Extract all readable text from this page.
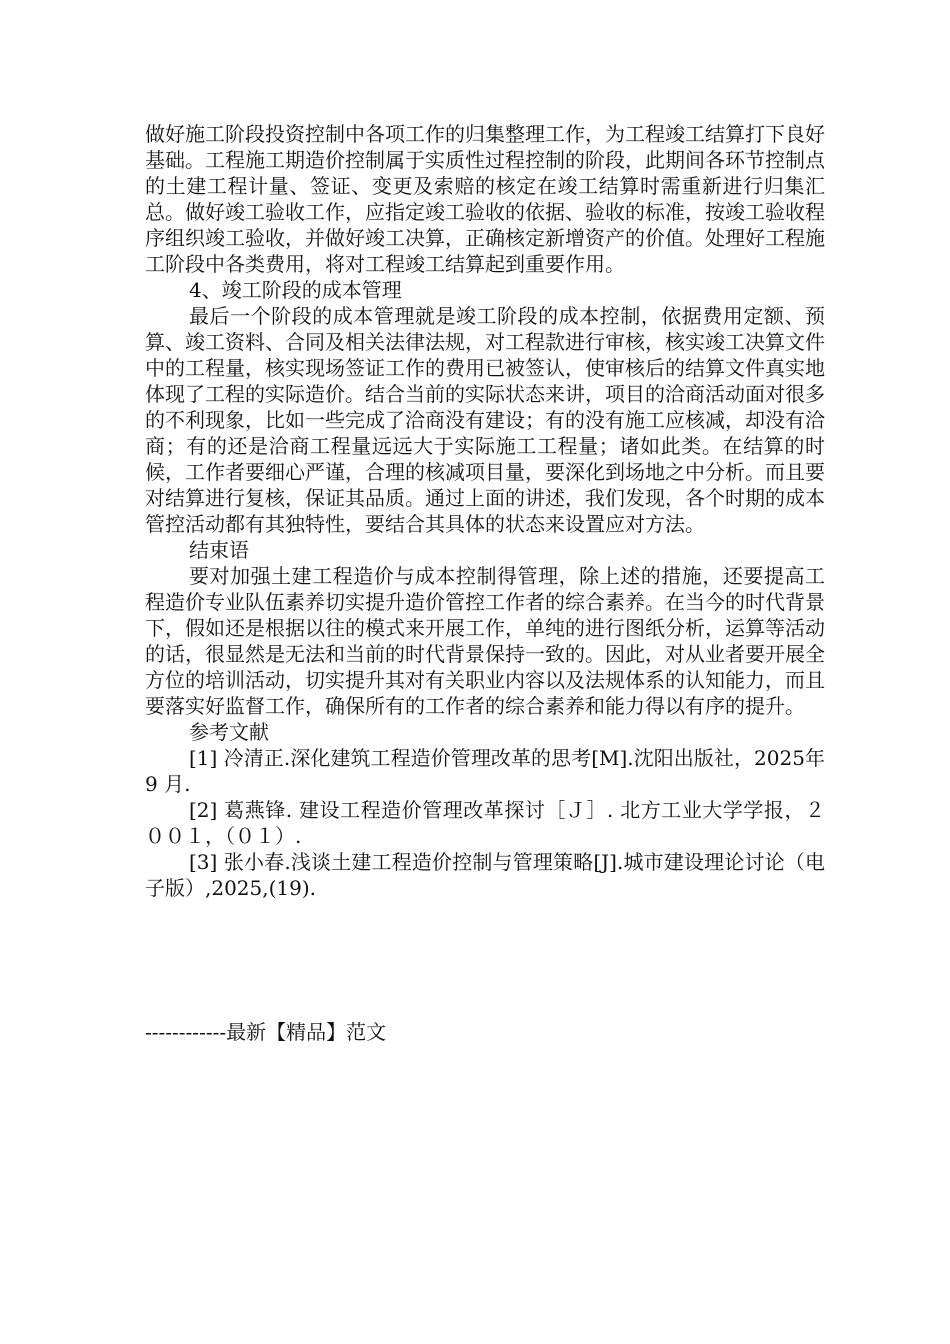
做好施工阶段投资控制中各项工作的归集整理工作，为工程竣工结算打下良好基础。工程施工期造价控制属于实质性过程控制的阶段，此期间各环节控制点的土建工程计量、签证、变更及索赔的核定在竣工结算时需重新进行归集汇总。做好竣工验收工作，应指定竣工验收的依据、验收的标准，按竣工验收程序组织竣工验收，并做好竣工决算，正确核定新增资产的价值。处理好工程施工阶段中各类费用，将对工程竣工结算起到重要作用。

4、竣工阶段的成本管理

最后一个阶段的成本管理就是竣工阶段的成本控制，依据费用定额、预算、竣工资料、合同及相关法律法规，对工程款进行审核，核实竣工决算文件中的工程量，核实现场签证工作的费用已被签认，使审核后的结算文件真实地体现了工程的实际造价。结合当前的实际状态来讲，项目的洽商活动面对很多的不利现象，比如一些完成了洽商没有建设；有的没有施工应核减，却没有洽商；有的还是洽商工程量远远大于实际施工工程量；诸如此类。在结算的时候，工作者要细心严谨，合理的核减项目量，要深化到场地之中分析。而且要对结算进行复核，保证其品质。通过上面的讲述，我们发现，各个时期的成本管控活动都有其独特性，要结合其具体的状态来设置应对方法。

结束语

要对加强土建工程造价与成本控制得管理，除上述的措施，还要提高工程造价专业队伍素养切实提升造价管控工作者的综合素养。在当今的时代背景下，假如还是根据以往的模式来开展工作，单纯的进行图纸分析，运算等活动的话，很显然是无法和当前的时代背景保持一致的。因此，对从业者要开展全方位的培训活动，切实提升其对有关职业内容以及法规体系的认知能力，而且要落实好监督工作，确保所有的工作者的综合素养和能力得以有序的提升。

参考文献

[1] 冷清正.深化建筑工程造价管理改革的思考[M].沈阳出版社，2025年 9 月.

[2] 葛燕锋. 建设工程造价管理改革探讨［Ｊ］. 北方工业大学学报，２００１，（０１）.

[3] 张小春.浅谈土建工程造价控制与管理策略[J].城市建设理论讨论（电子版）,2025,(19).

------------最新【精品】范文
